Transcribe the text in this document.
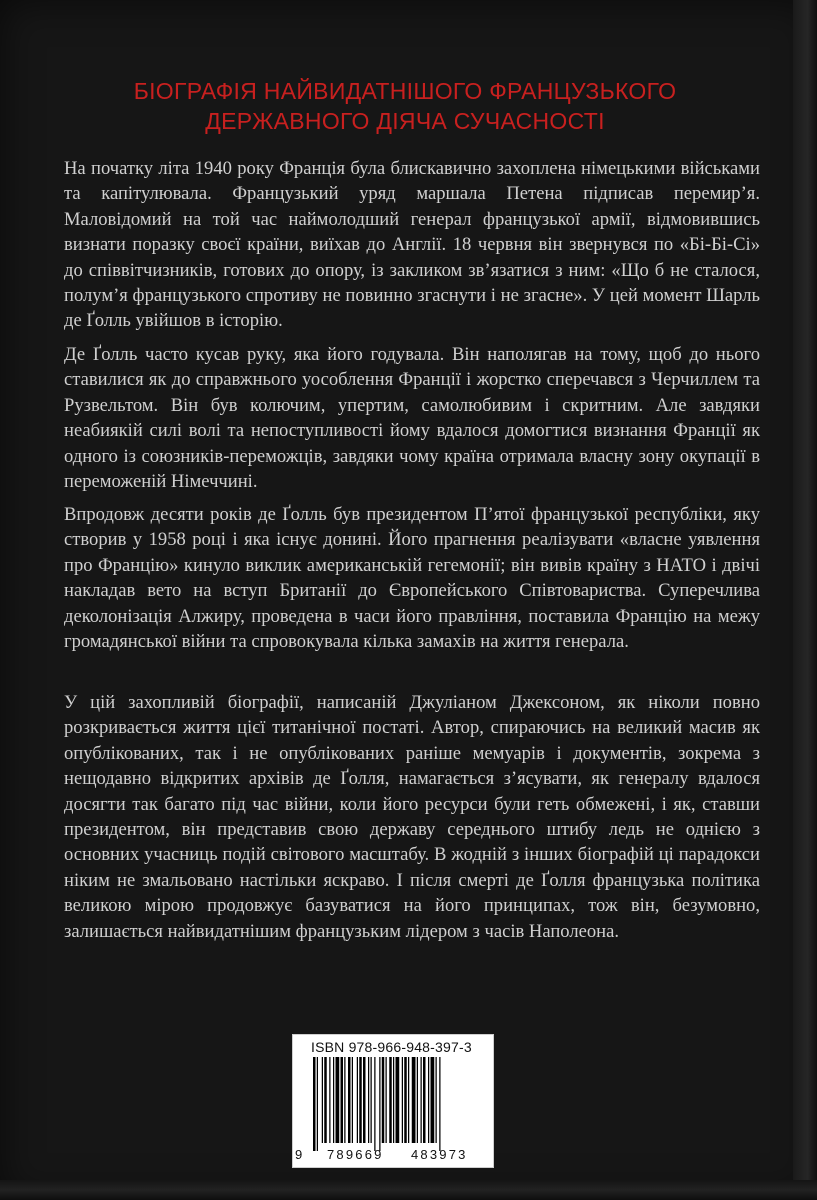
БІОГРАФІЯ НАЙВИДАТНІШОГО ФРАНЦУЗЬКОГО
ДЕРЖАВНОГО ДІЯЧА СУЧАСНОСТІ

На початку літа 1940 року Франція була блискавично захоплена німецькими військами та капітулювала. Французький уряд маршала Петена підписав перемир’я. Маловідомий на той час наймолодший генерал французької армії, відмовившись визнати поразку своєї країни, виїхав до Англії. 18 червня він звернувся по «Бі-Бі-Сі» до співвітчизників, готових до опору, із закликом зв’язатися з ним: «Що б не сталося, полум’я французького спротиву не повинно згаснути і не згасне». У цей момент Шарль де Ґолль увійшов в історію.

Де Ґолль часто кусав руку, яка його годувала. Він наполягав на тому, щоб до нього ставилися як до справжнього уособлення Франції і жорстко сперечався з Черчиллем та Рузвельтом. Він був колючим, упертим, самолюбивим і скритним. Але завдяки неабиякій силі волі та непоступливості йому вдалося домогтися визнання Франції як одного із союзників-переможців, завдяки чому країна отримала власну зону окупації в переможеній Німеччині.

Впродовж десяти років де Ґолль був президентом П’ятої французької республіки, яку створив у 1958 році і яка існує донині. Його прагнення реалізувати «власне уявлення про Францію» кинуло виклик американській гегемонії; він вивів країну з НАТО і двічі накладав вето на вступ Британії до Європейського Співтовариства. Суперечлива деколонізація Алжиру, проведена в часи його правління, поставила Францію на межу громадянської війни та спровокувала кілька замахів на життя генерала.

У цій захопливій біографії, написаній Джуліаном Джексоном, як ніколи повно розкривається життя цієї титанічної постаті. Автор, спираючись на великий масив як опублікованих, так і не опублікованих раніше мемуарів і документів, зокрема з нещодавно відкритих архівів де Ґолля, намагається з’ясувати, як генералу вдалося досягти так багато під час війни, коли його ресурси були геть обмежені, і як, ставши президентом, він представив свою державу середнього штибу ледь не однією з основних учасниць подій світового масштабу. В жодній з інших біографій ці парадокси ніким не змальовано настільки яскраво. І після смерті де Ґолля французька політика великою мірою продовжує базуватися на його принципах, тож він, безумовно, залишається найвидатнішим французьким лідером з часів Наполеона.

ISBN 978-966-948-397-3
9 789669 483973
